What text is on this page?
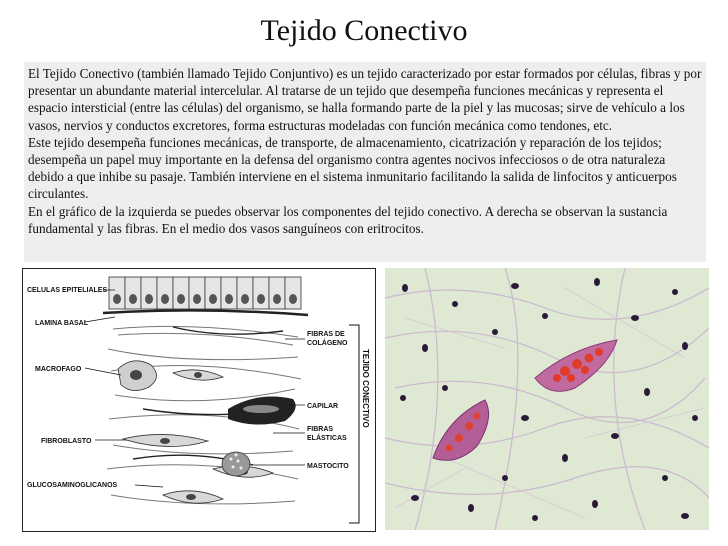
Tejido Conectivo

El Tejido Conectivo (también llamado Tejido Conjuntivo) es un tejido caracterizado por estar formados por células, fibras y por presentar un abundante material intercelular. Al tratarse de un tejido que desempeña funciones mecánicas y representa el espacio intersticial (entre las células) del organismo, se halla formando parte de la piel y las mucosas; sirve de vehículo a los vasos, nervios y conductos excretores, forma estructuras modeladas con función mecánica como tendones, etc.

Este tejido desempeña funciones mecánicas, de transporte, de almacenamiento, cicatrización y reparación de los tejidos; desempeña un papel muy importante en la defensa del organismo contra agentes nocivos infecciosos o de otra naturaleza debido a que inhibe su pasaje. También interviene en el sistema inmunitario facilitando la salida de linfocitos y anticuerpos circulantes.

En el gráfico de la izquierda se puedes observar los componentes del tejido conectivo. A derecha se observan la sustancia fundamental y las fibras. En el medio dos vasos sanguíneos con eritrocitos.

CELULAS EPITELIALES
LAMINA BASAL
MACROFAGO
FIBROBLASTO
GLUCOSAMINOGLICANOS
FIBRAS DE
COLÁGENO
CAPILAR
FIBRAS
ELÁSTICAS
MASTOCITO
TEJIDO CONECTIVO
